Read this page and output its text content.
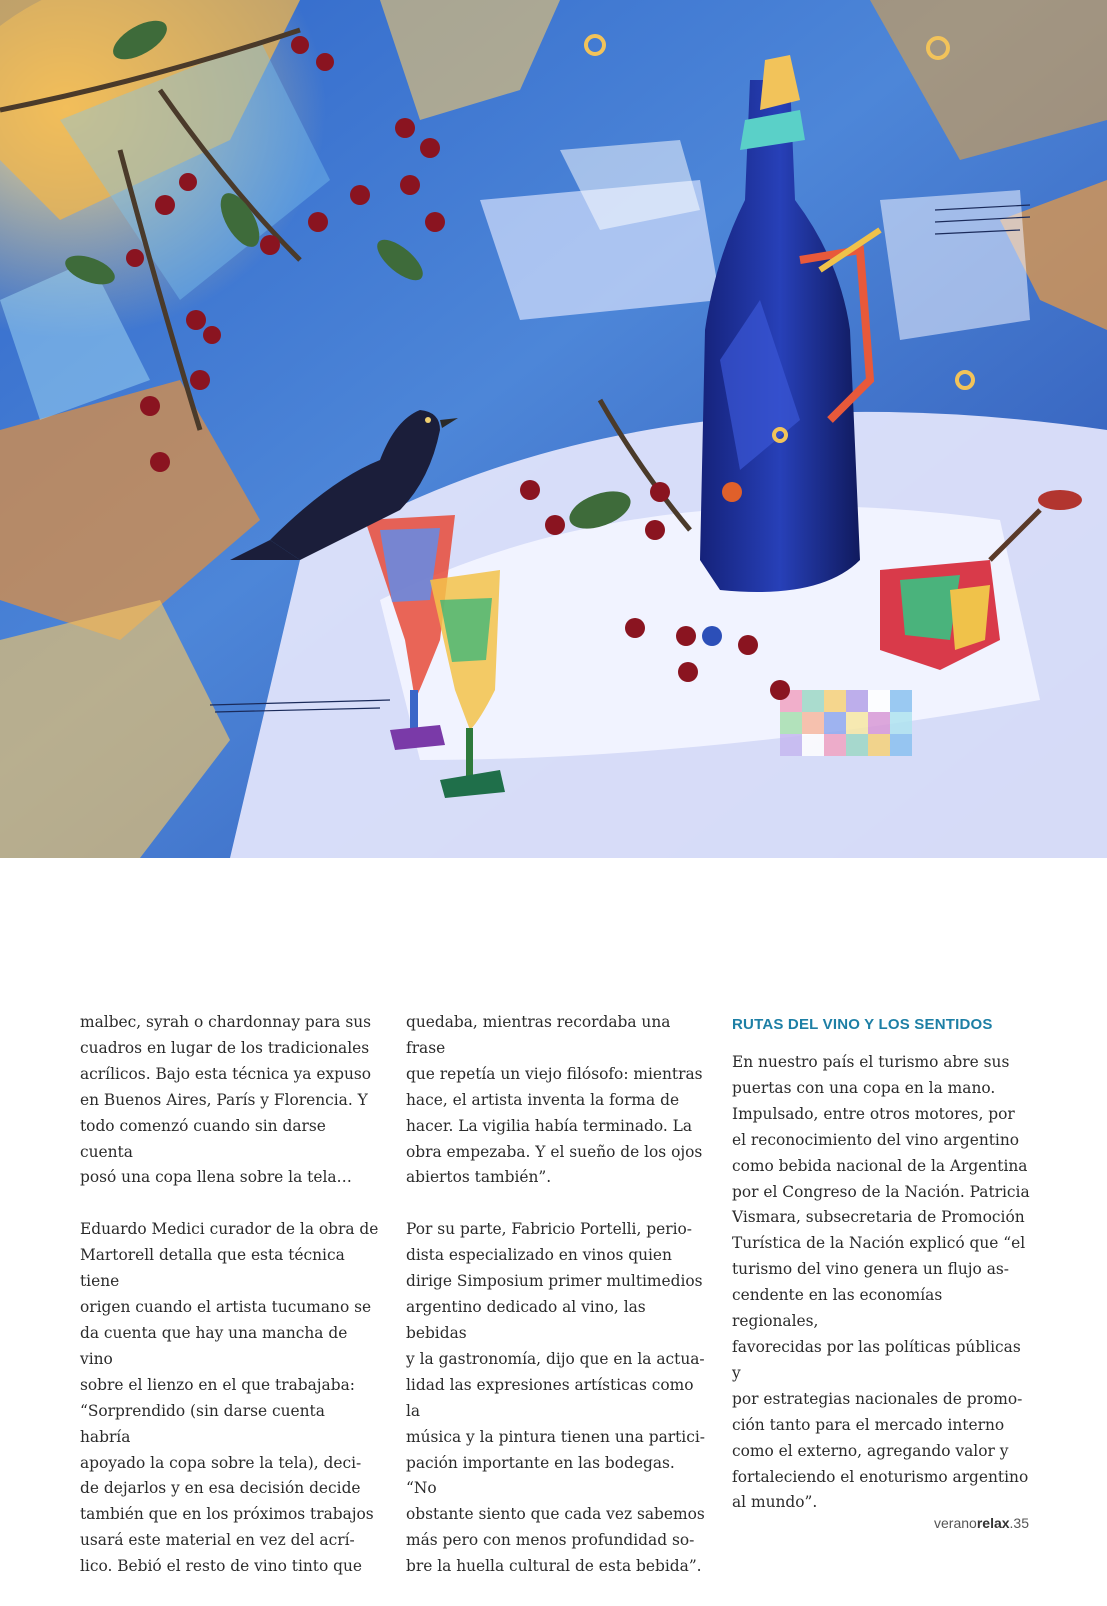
malbec, syrah o chardonnay para sus
cuadros en lugar de los tradicionales
acrílicos. Bajo esta técnica ya expuso
en Buenos Aires, París y Florencia. Y
todo comenzó cuando sin darse cuenta
posó una copa llena sobre la tela…

Eduardo Medici curador de la obra de
Martorell detalla que esta técnica tiene
origen cuando el artista tucumano se
da cuenta que hay una mancha de vino
sobre el lienzo en el que trabajaba:
“Sorprendido (sin darse cuenta habría
apoyado la copa sobre la tela), deci-
de dejarlos y en esa decisión decide
también que en los próximos trabajos
usará este material en vez del acrí-
lico. Bebió el resto de vino tinto que

quedaba, mientras recordaba una frase
que repetía un viejo filósofo: mientras
hace, el artista inventa la forma de
hacer. La vigilia había terminado. La
obra empezaba. Y el sueño de los ojos
abiertos también”.

Por su parte, Fabricio Portelli, perio-
dista especializado en vinos quien
dirige Simposium primer multimedios
argentino dedicado al vino, las bebidas
y la gastronomía, dijo que en la actua-
lidad las expresiones artísticas como la
música y la pintura tienen una partici-
pación importante en las bodegas. “No
obstante siento que cada vez sabemos
más pero con menos profundidad so-
bre la huella cultural de esta bebida”.

RUTAS DEL VINO Y LOS SENTIDOS

En nuestro país el turismo abre sus
puertas con una copa en la mano.
Impulsado, entre otros motores, por
el reconocimiento del vino argentino
como bebida nacional de la Argentina
por el Congreso de la Nación. Patricia
Vismara, subsecretaria de Promoción
Turística de la Nación explicó que “el
turismo del vino genera un flujo as-
cendente en las economías regionales,
favorecidas por las políticas públicas y
por estrategias nacionales de promo-
ción tanto para el mercado interno
como el externo, agregando valor y
fortaleciendo el enoturismo argentino
al mundo”.

veranorelax.35
